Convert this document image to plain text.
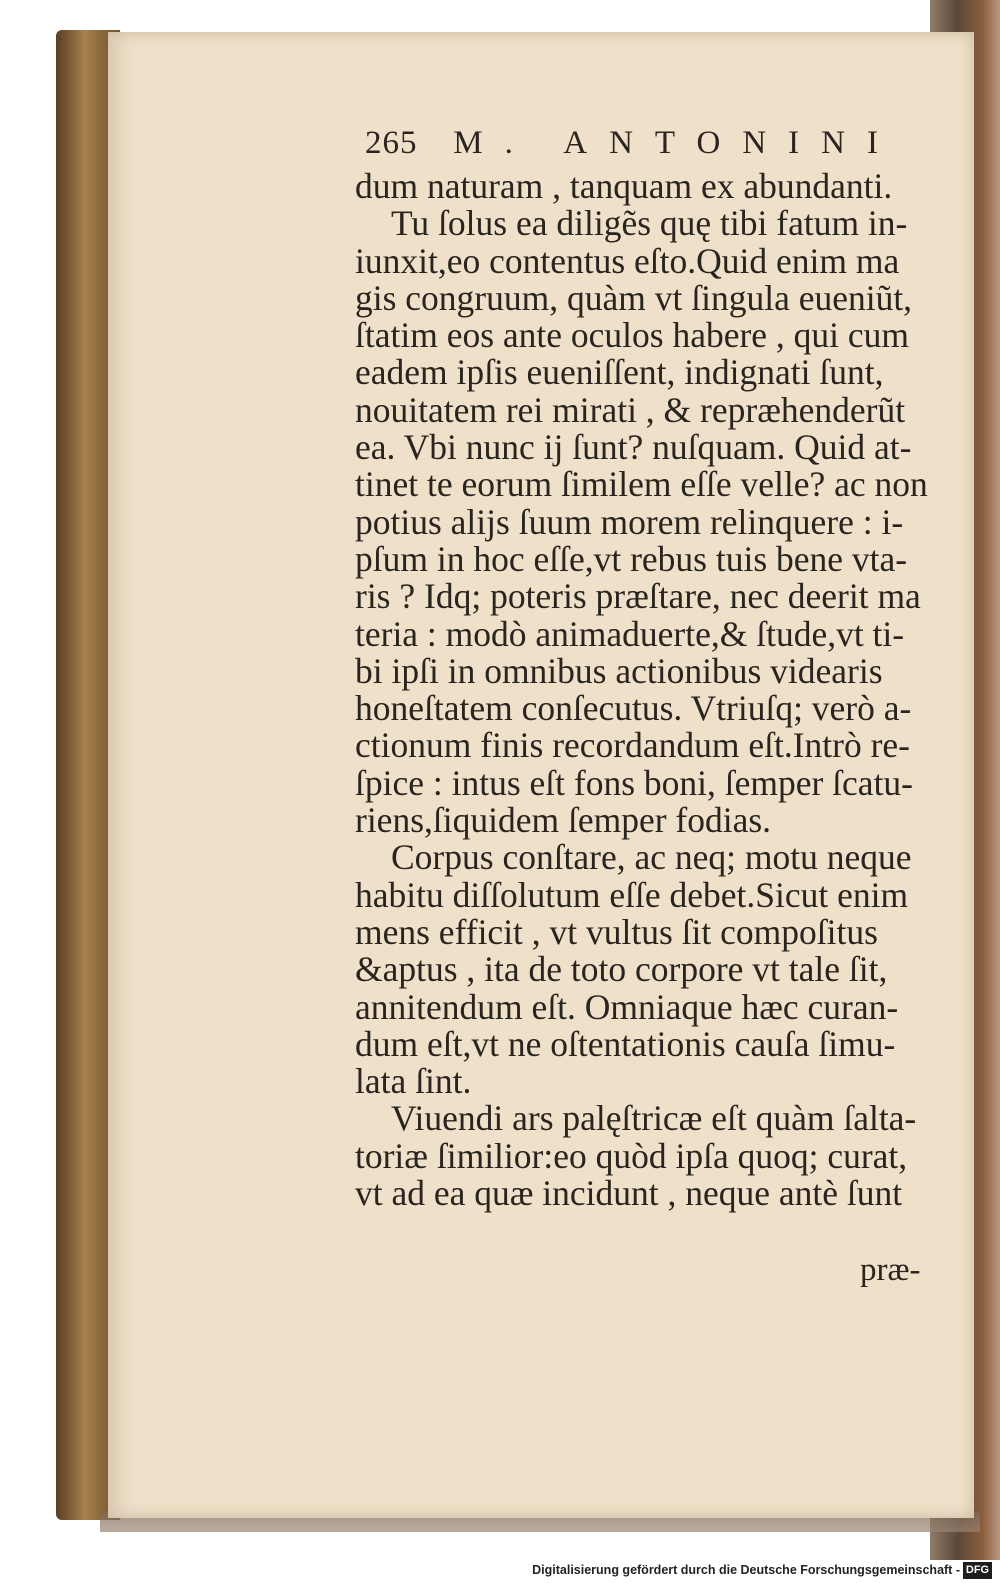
265 M. ANTONINI
dum naturam , tanquam ex abundanti.
Tu ſolus ea diligẽs quę tibi fatum in-
iunxit,eo contentus eſto.Quid enim ma
gis congruum, quàm vt ſingula eueniũt,
ſtatim eos ante oculos habere , qui cum
eadem ipſis eueniſſent, indignati ſunt,
nouitatem rei mirati , & repræhenderũt
ea. Vbi nunc ij ſunt? nuſquam. Quid at-
tinet te eorum ſimilem eſſe velle? ac non
potius alijs ſuum morem relinquere : i-
pſum in hoc eſſe,vt rebus tuis bene vta-
ris ? Idq; poteris præſtare, nec deerit ma
teria : modò animaduerte,& ſtude,vt ti-
bi ipſi in omnibus actionibus videaris
honeſtatem conſecutus. Vtriuſq; verò a-
ctionum finis recordandum eſt.Intrò re-
ſpice : intus eſt fons boni, ſemper ſcatu-
riens,ſiquidem ſemper fodias.
Corpus conſtare, ac neq; motu neque
habitu diſſolutum eſſe debet.Sicut enim
mens efficit , vt vultus ſit compoſitus
&aptus , ita de toto corpore vt tale ſit,
annitendum eſt. Omniaque hæc curan-
dum eſt,vt ne oſtentationis cauſa ſimu-
lata ſint.
Viuendi ars palęſtricæ eſt quàm ſalta-
toriæ ſimilior:eo quòd ipſa quoq; curat,
vt ad ea quæ incidunt , neque antè ſunt
præ-
Digitalisierung gefördert durch die Deutsche Forschungsgemeinschaft - DFG
